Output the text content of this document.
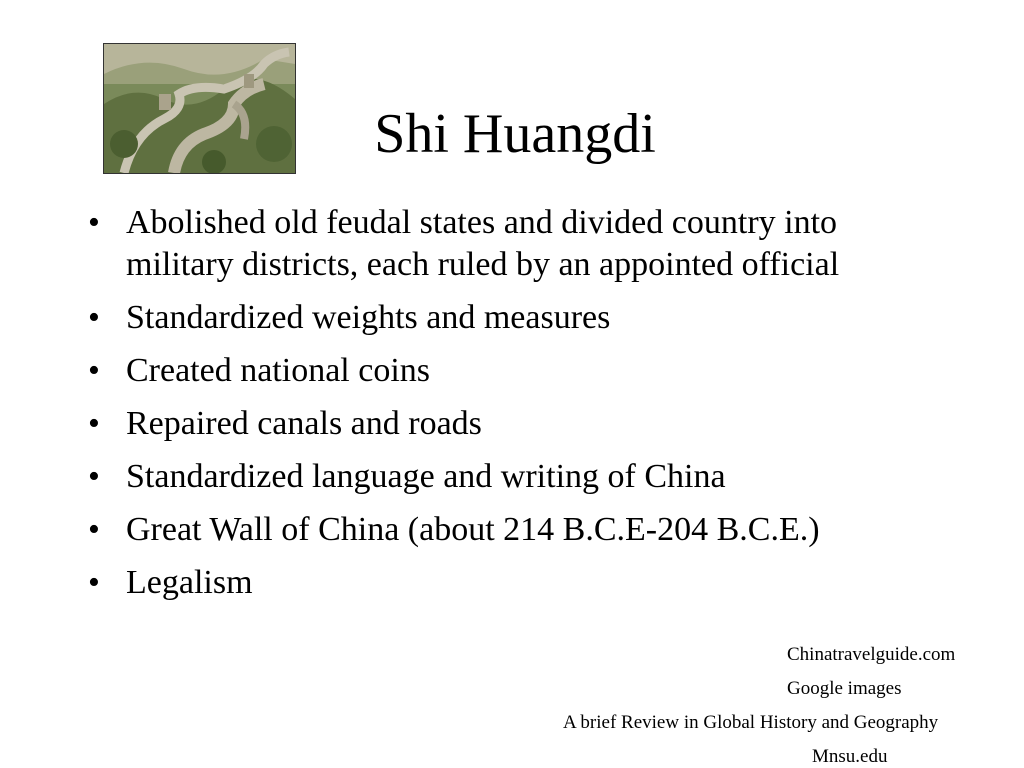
Shi Huangdi
• Abolished old feudal states and divided country into military districts, each ruled by an appointed official
• Standardized weights and measures
• Created national coins
• Repaired canals and roads
• Standardized language and writing of China
• Great Wall of China (about 214 B.C.E-204 B.C.E.)
• Legalism
Chinatravelguide.com
Google images
A brief Review in Global History and Geography
Mnsu.edu
